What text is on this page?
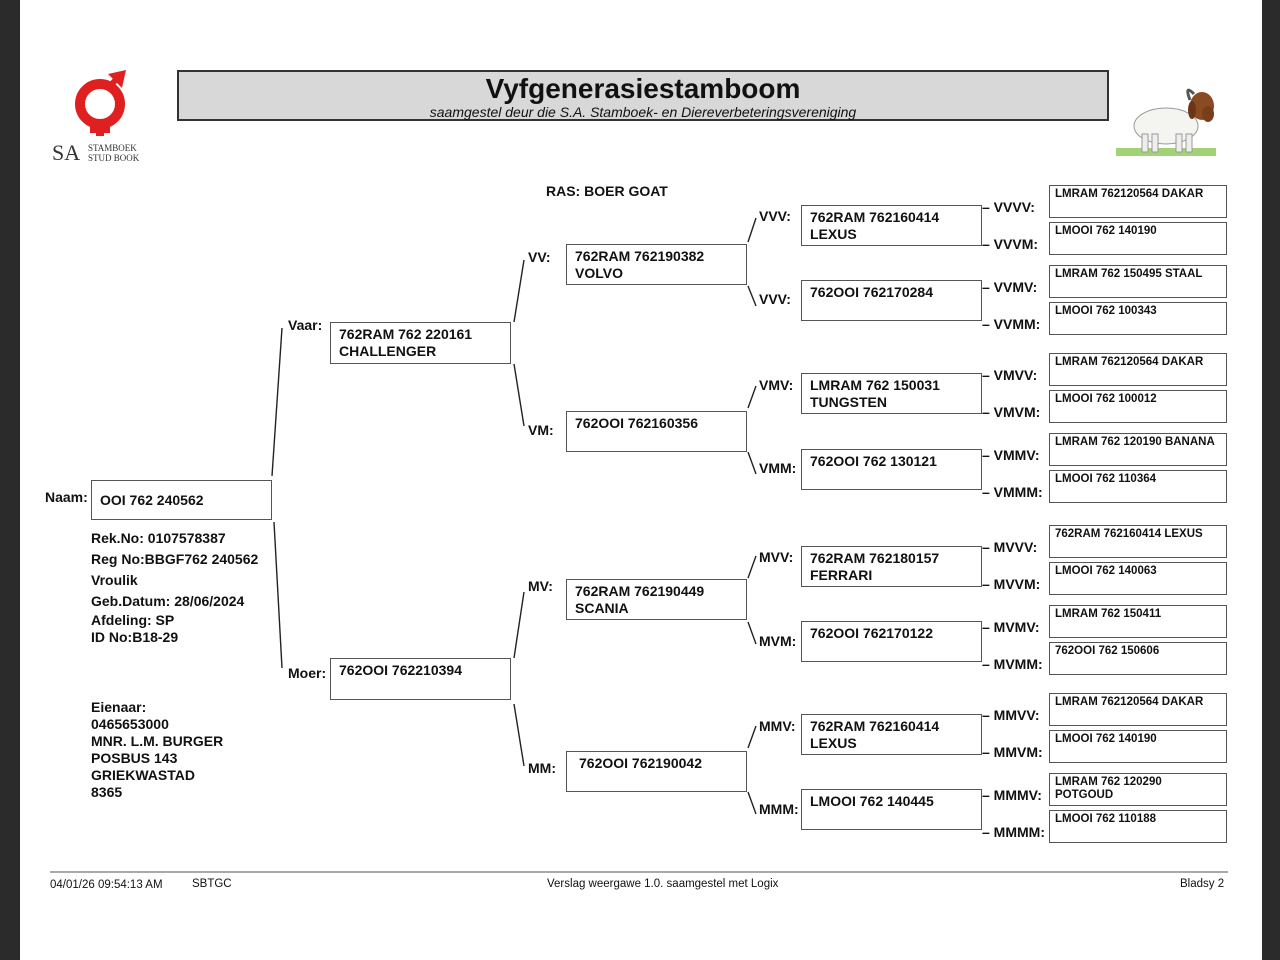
SA STAMBOEK
STUD BOOK
Vyfgenerasiestamboom
saamgestel deur die S.A. Stamboek- en Diereverbeteringsvereniging
RAS: BOER GOAT
Naam: OOI 762 240562
Rek.No: 0107578387
Reg No:BBGF762 240562
Vroulik
Geb.Datum: 28/06/2024
Afdeling: SP
ID No:B18-29
Eienaar:
0465653000
MNR. L.M. BURGER
POSBUS 143
GRIEKWASTAD
8365
Vaar:
762RAM 762 220161
CHALLENGER
Moer: 762OOI 762210394
VV:	762RAM 762190382
VOLVO
VM:	762OOI 762160356
MV:	762RAM 762190449
SCANIA
MM:	762OOI 762190042
VVV:	762RAM 762160414
LEXUS
VVV:	762OOI 762170284
VMV:	LMRAM 762 150031
TUNGSTEN
VMM: 762OOI 762 130121
MVV:	762RAM 762180157
FERRARI
MVM: 762OOI 762170122
MMV:	762RAM 762160414
LEXUS
MMM: LMOOI 762 140445
– VVVV:
LMRAM 762120564 DAKAR
– VVVM:
LMOOI 762 140190
– VVMV:
LMRAM 762 150495 STAAL
– VVMM:
LMOOI 762 100343
– VMVV:
LMRAM 762120564 DAKAR
– VMVM:
LMOOI 762 100012
– VMMV:
LMRAM 762 120190 BANANA
– VMMM:
LMOOI 762 110364
– MVVV:
762RAM 762160414 LEXUS
– MVVM:
LMOOI 762 140063
– MVMV:
LMRAM 762 150411
– MVMM:
762OOI 762 150606
– MMVV:
LMRAM 762120564 DAKAR
– MMVM:
LMOOI 762 140190
– MMMV:
LMRAM 762 120290
POTGOUD
– MMMM:
LMOOI 762 110188
04/01/26 09:54:13 AM	SBTGC	Verslag weergawe 1.0. saamgestel met Logix	Bladsy 2
